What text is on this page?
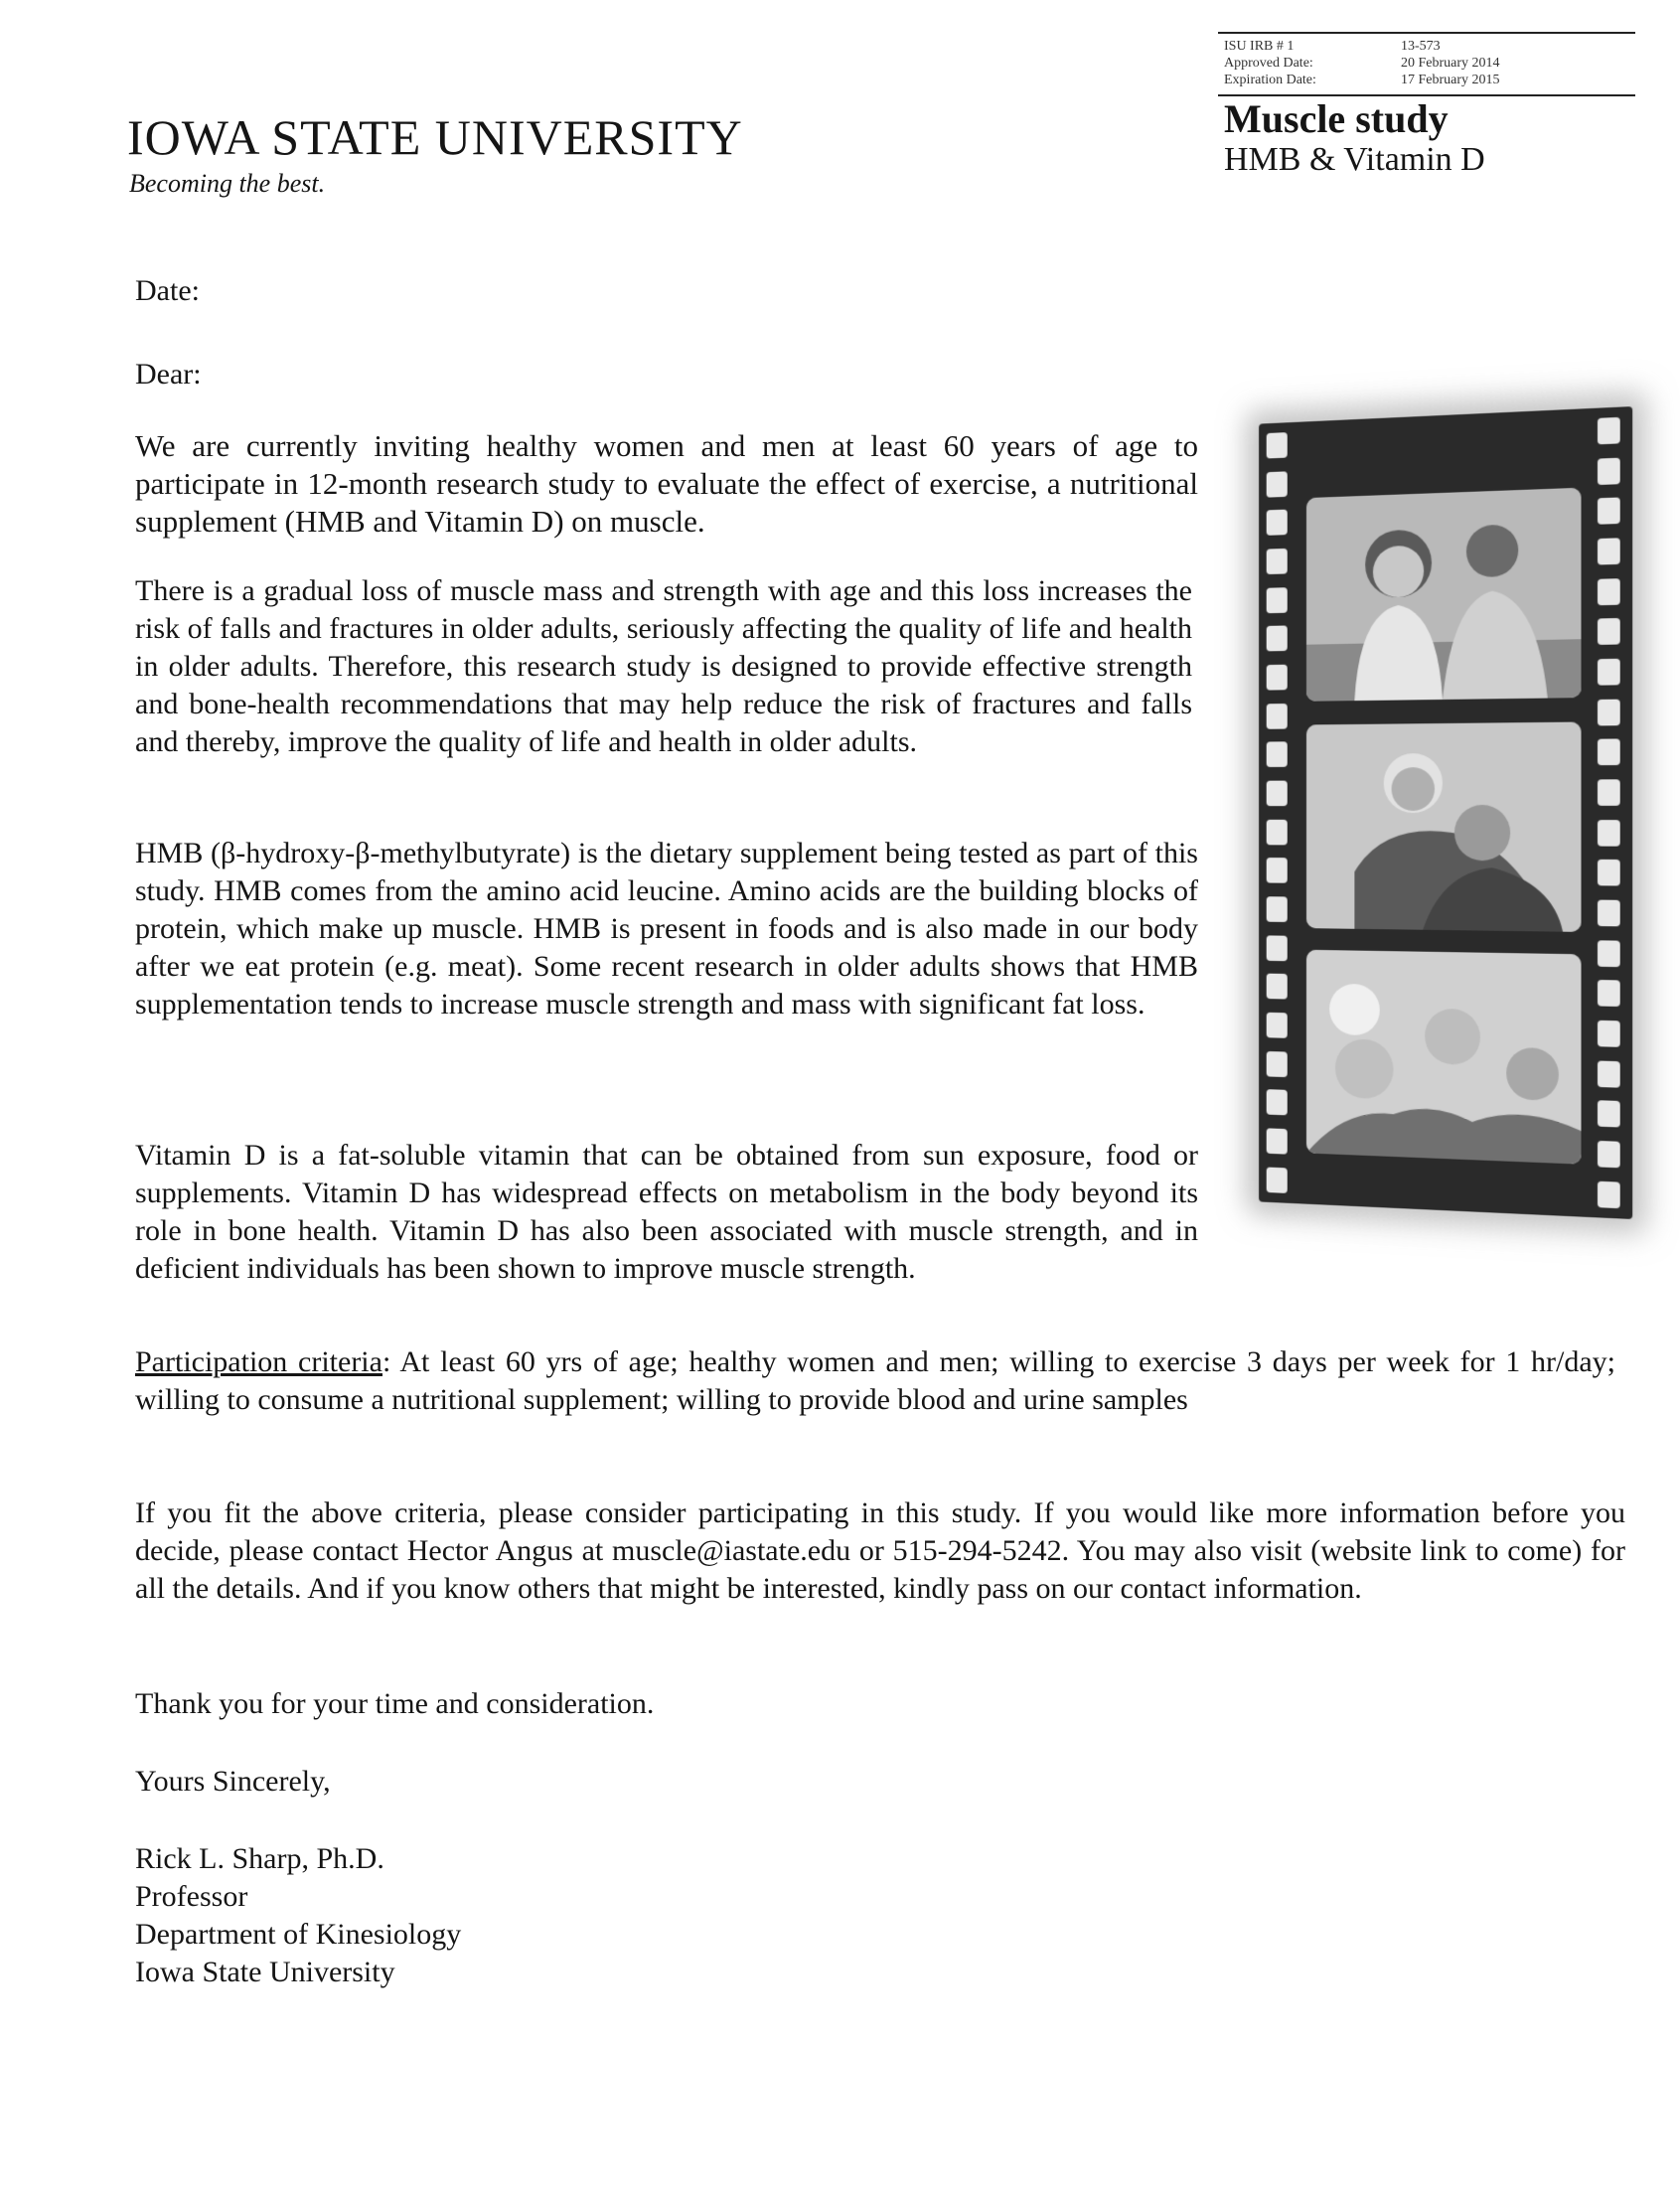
ISU IRB # 1	13-573
Approved Date:	20 February 2014
Expiration Date:	17 February 2015
Muscle study
HMB & Vitamin D
IOWA STATE UNIVERSITY
Becoming the best.
Date:
Dear:
We are currently inviting healthy women and men at least 60 years of age to participate in 12-month research study to evaluate the effect of exercise, a nutritional supplement (HMB and Vitamin D) on muscle.
There is a gradual loss of muscle mass and strength with age and this loss increases the risk of falls and fractures in older adults, seriously affecting the quality of life and health in older adults. Therefore, this research study is designed to provide effective strength and bone-health recommendations that may help reduce the risk of fractures and falls and thereby, improve the quality of life and health in older adults.
HMB (β-hydroxy-β-methylbutyrate) is the dietary supplement being tested as part of this study. HMB comes from the amino acid leucine. Amino acids are the building blocks of protein, which make up muscle. HMB is present in foods and is also made in our body after we eat protein (e.g. meat). Some recent research in older adults shows that HMB supplementation tends to increase muscle strength and mass with significant fat loss.
Vitamin D is a fat-soluble vitamin that can be obtained from sun exposure, food or supplements. Vitamin D has widespread effects on metabolism in the body beyond its role in bone health. Vitamin D has also been associated with muscle strength, and in deficient individuals has been shown to improve muscle strength.
Participation criteria: At least 60 yrs of age; healthy women and men; willing to exercise 3 days per week for 1 hr/day; willing to consume a nutritional supplement; willing to provide blood and urine samples
If you fit the above criteria, please consider participating in this study. If you would like more information before you decide, please contact Hector Angus at muscle@iastate.edu or 515-294-5242. You may also visit (website link to come) for all the details. And if you know others that might be interested, kindly pass on our contact information.
Thank you for your time and consideration.
Yours Sincerely,
Rick L. Sharp, Ph.D.
Professor
Department of Kinesiology
Iowa State University
